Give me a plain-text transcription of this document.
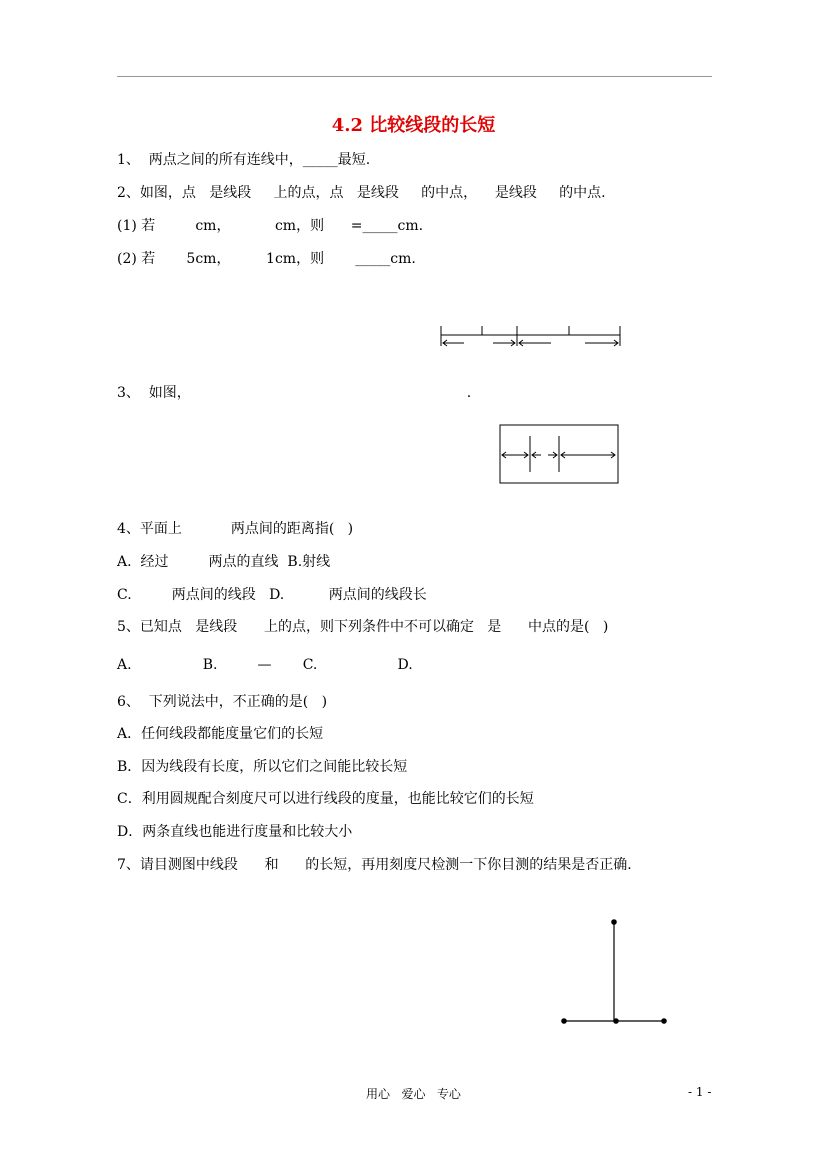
4.2 比较线段的长短
1、  两点之间的所有连线中，_____最短.
2、如图，点   是线段     上的点，点   是线段     的中点，    是线段     的中点.
(1) 若         cm，          cm，则      =_____cm.
(2) 若       5cm，        1cm，则       _____cm.
3、  如图，                                                              .
4、平面上           两点间的距离指(   )
A.  经过         两点的直线  B.射线
C.         两点间的线段   D.          两点间的线段长
5、已知点   是线段      上的点，则下列条件中不可以确定   是      中点的是(   )
A.                B.         —       C.                  D.
6、  下列说法中，不正确的是(   )
A．任何线段都能度量它们的长短
B．因为线段有长度，所以它们之间能比较长短
C．利用圆规配合刻度尺可以进行线段的度量，也能比较它们的长短
D．两条直线也能进行度量和比较大小
7、请目测图中线段      和      的长短，再用刻度尺检测一下你目测的结果是否正确.
用心   爱心   专心	- 1 -
